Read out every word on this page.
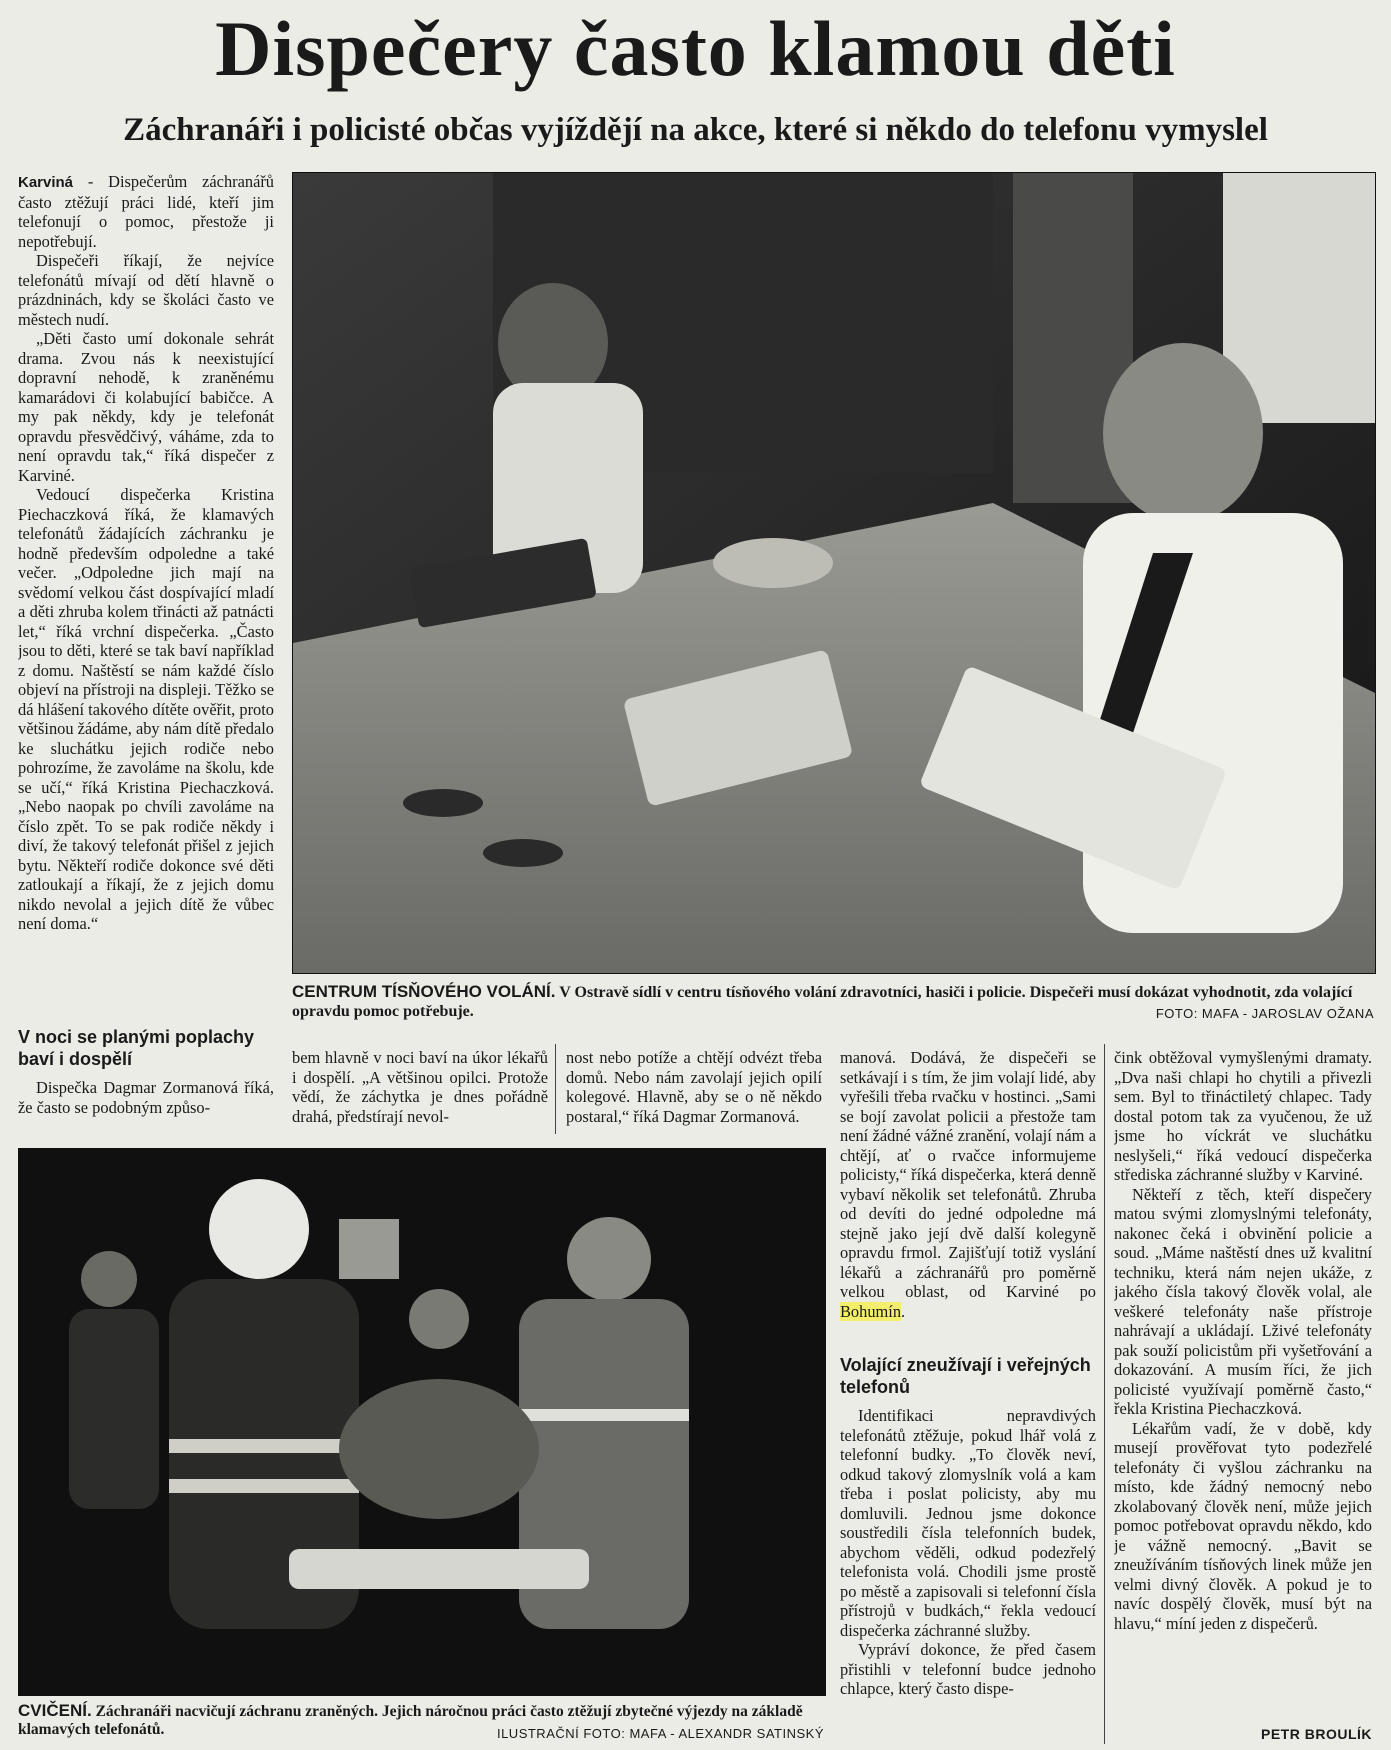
Dispečery často klamou děti
Záchranáři i policisté občas vyjíždějí na akce, které si někdo do telefonu vymyslel

Karviná - Dispečerům záchranářů často ztěžují práci lidé, kteří jim telefonují o pomoc, přestože ji nepotřebují.

Dispečeři říkají, že nejvíce telefonátů mívají od dětí hlavně o prázdninách, kdy se školáci často ve městech nudí.

„Děti často umí dokonale sehrát drama. Zvou nás k neexistující dopravní nehodě, k zraněnému kamarádovi či kolabující babičce. A my pak někdy, kdy je telefonát opravdu přesvědčivý, váháme, zda to není opravdu tak,“ říká dispečer z Karviné.

Vedoucí dispečerka Kristina Piechaczková říká, že klamavých telefonátů žádajících záchranku je hodně především odpoledne a také večer. „Odpoledne jich mají na svědomí velkou část dospívající mladí a děti zhruba kolem třinácti až patnácti let,“ říká vrchní dispečerka. „Často jsou to děti, které se tak baví například z domu. Naštěstí se nám každé číslo objeví na přístroji na displeji. Těžko se dá hlášení takového dítěte ověřit, proto většinou žádáme, aby nám dítě předalo ke sluchátku jejich rodiče nebo pohrozíme, že zavoláme na školu, kde se učí,“ říká Kristina Piechaczková. „Nebo naopak po chvíli zavoláme na číslo zpět. To se pak rodiče někdy i diví, že takový telefonát přišel z jejich bytu. Někteří rodiče dokonce své děti zatloukají a říkají, že z jejich domu nikdo nevolal a jejich dítě že vůbec není doma.“

V noci se planými poplachy baví i dospělí

Dispečka Dagmar Zormanová říká, že často se podobným způso-

CENTRUM TÍSŇOVÉHO VOLÁNÍ. V Ostravě sídlí v centru tísňového volání zdravotníci, hasiči i policie. Dispečeři musí dokázat vyhodnotit, zda volající opravdu pomoc potřebuje.	FOTO: MAFA - JAROSLAV OŽANA

bem hlavně v noci baví na úkor lékařů i dospělí. „A většinou opilci. Protože vědí, že záchytka je dnes pořádně drahá, předstírají nevol-

nost nebo potíže a chtějí odvézt třeba domů. Nebo nám zavolají jejich opilí kolegové. Hlavně, aby se o ně někdo postaral,“ říká Dagmar Zormanová.

CVIČENÍ. Záchranáři nacvičují záchranu zraněných. Jejich náročnou práci často ztěžují zbytečné výjezdy na základě klamavých telefonátů.	ILUSTRAČNÍ FOTO: MAFA - ALEXANDR SATINSKÝ

manová. Dodává, že dispečeři se setkávají i s tím, že jim volají lidé, aby vyřešili třeba rvačku v hostinci. „Sami se bojí zavolat policii a přestože tam není žádné vážné zranění, volají nám a chtějí, ať o rvačce informujeme policisty,“ říká dispečerka, která denně vybaví několik set telefonátů. Zhruba od devíti do jedné odpoledne má stejně jako její dvě další kolegyně opravdu frmol. Zajišťují totiž vyslání lékařů a záchranářů pro poměrně velkou oblast, od Karviné po Bohumín.

Volající zneužívají i veřejných telefonů

Identifikaci nepravdivých telefonátů ztěžuje, pokud lhář volá z telefonní budky. „To člověk neví, odkud takový zlomyslník volá a kam třeba i poslat policisty, aby mu domluvili. Jednou jsme dokonce soustředili čísla telefonních budek, abychom věděli, odkud podezřelý telefonista volá. Chodili jsme prostě po městě a zapisovali si telefonní čísla přístrojů v budkách,“ řekla vedoucí dispečerka záchranné služby.

Vypráví dokonce, že před časem přistihli v telefonní budce jednoho chlapce, který často dispe-

čink obtěžoval vymyšlenými dramaty. „Dva naši chlapi ho chytili a přivezli sem. Byl to třináctiletý chlapec. Tady dostal potom tak za vyučenou, že už jsme ho víckrát ve sluchátku neslyšeli,“ říká vedoucí dispečerka střediska záchranné služby v Karviné.

Někteří z těch, kteří dispečery matou svými zlomyslnými telefonáty, nakonec čeká i obvinění policie a soud. „Máme naštěstí dnes už kvalitní techniku, která nám nejen ukáže, z jakého čísla takový člověk volal, ale veškeré telefonáty naše přístroje nahrávají a ukládají. Lživé telefonáty pak souží policistům při vyšetřování a dokazování. A musím říci, že jich policisté využívají poměrně často,“ řekla Kristina Piechaczková.

Lékařům vadí, že v době, kdy musejí prověřovat tyto podezřelé telefonáty či vyšlou záchranku na místo, kde žádný nemocný nebo zkolabovaný člověk není, může jejich pomoc potřebovat opravdu někdo, kdo je vážně nemocný. „Bavit se zneužíváním tísňových linek může jen velmi divný člověk. A pokud je to navíc dospělý člověk, musí být na hlavu,“ míní jeden z dispečerů.

PETR BROULÍK
